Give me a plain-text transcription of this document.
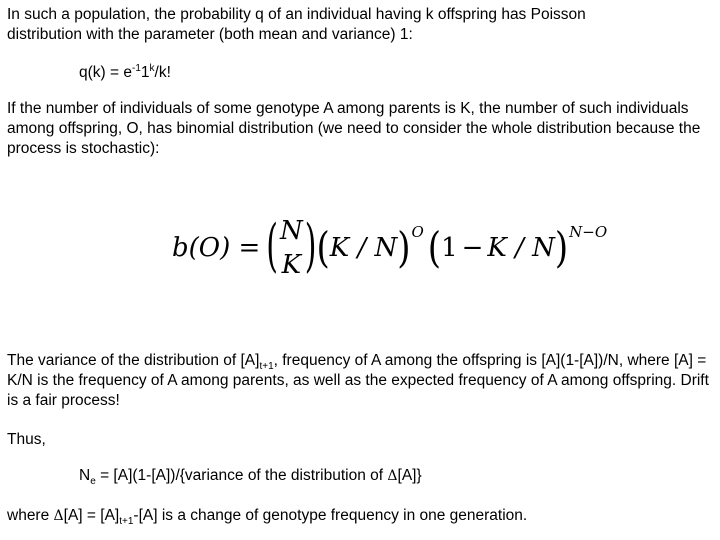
In such a population, the probability q of an individual having k offspring has Poisson
distribution with the parameter (both mean and variance) 1:
$q(k) = e^{-1}1^k/k$!
If the number of individuals of some genotype A among parents is K, the number of such individuals among offspring, O, has binomial distribution (we need to consider the whole distribution because the process is stochastic):
b(O) = ( N
K ) ( K / N ) O ( 1 − K / N ) N−O
The variance of the distribution of $[A]_{t+1}$, frequency of A among the offspring is [A](1-[A])/N, where [A] = K/N is the frequency of A among parents, as well as the expected frequency of A among offspring. Drift is a fair process!
Thus,
$N_e$ = [A](1-[A])/{variance of the distribution of Δ[A]}
where $\Delta[A] = [A]_{t+1}-[A]$ is a change of genotype frequency in one generation.
